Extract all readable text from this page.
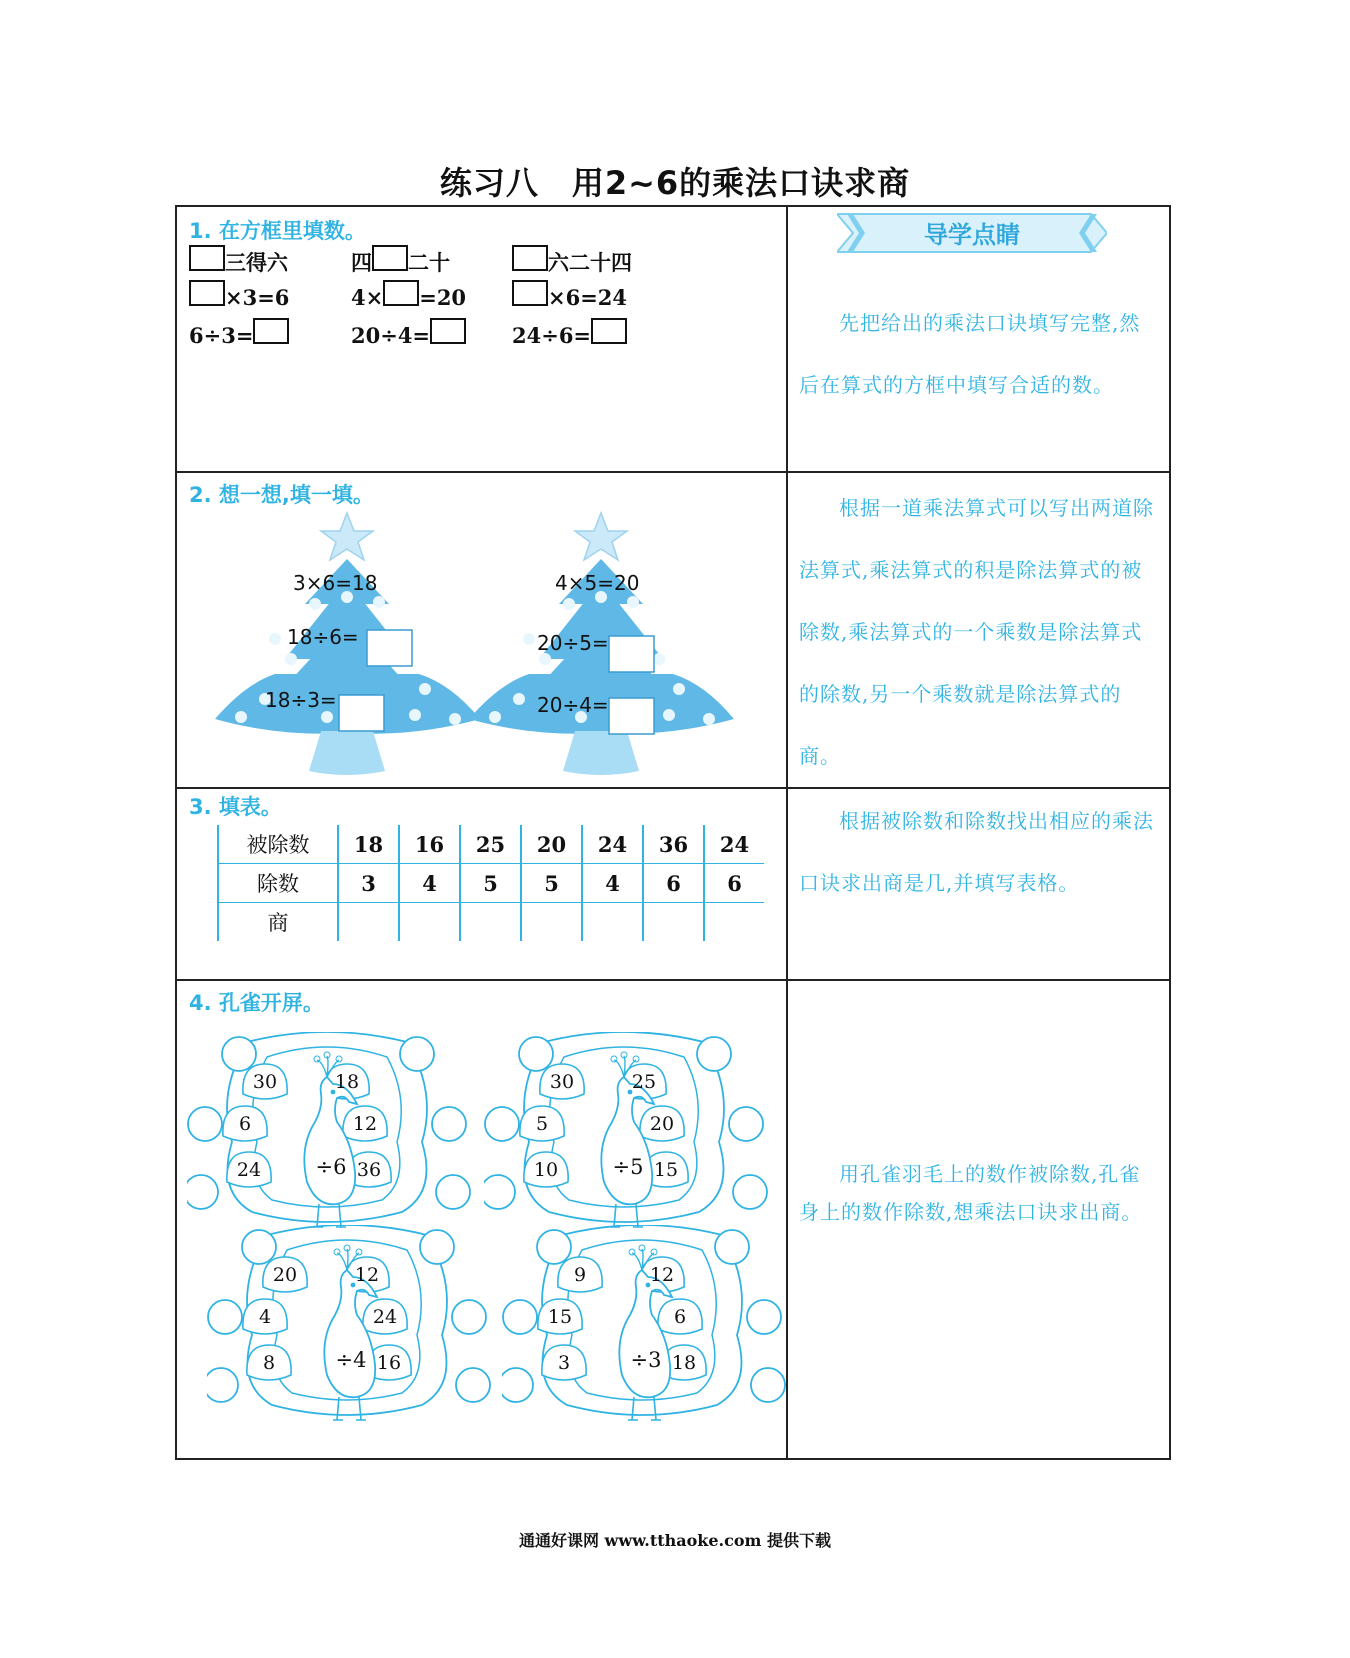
练习八　用2~6的乘法口诀求商
导学点睛
1. 在方框里填数。
三得六	四 二十	六二十四
×3=6	4× =20	×6=24
6÷3=	20÷4=	24÷6=	先把给出的乘法口诀填写完整,然后在算式的方框中填写合适的数。

2. 想一想,填一填。
3×6=18
18÷6=
18÷3=
4×5=20
20÷5=
20÷4=

根据一道乘法算式可以写出两道除法算式,乘法算式的积是除法算式的被除数,乘法算式的一个乘数是除法算式的除数,另一个乘数就是除法算式的商。

3. 填表。
被除数	18	16	25	20	24	36	24
除数	3	4	5	5	4	6	6
商							

根据被除数和除数找出相应的乘法口诀求出商是几,并填写表格。

4. 孔雀开屏。
30	18
6	12
24	36
÷6
30	25
5	20
10	15
÷5
20	12
4	24
8	16
÷4
9	12
15	6
3	18
÷3

用孔雀羽毛上的数作被除数,孔雀身上的数作除数,想乘法口诀求出商。

通通好课网 www.tthaoke.com 提供下载
